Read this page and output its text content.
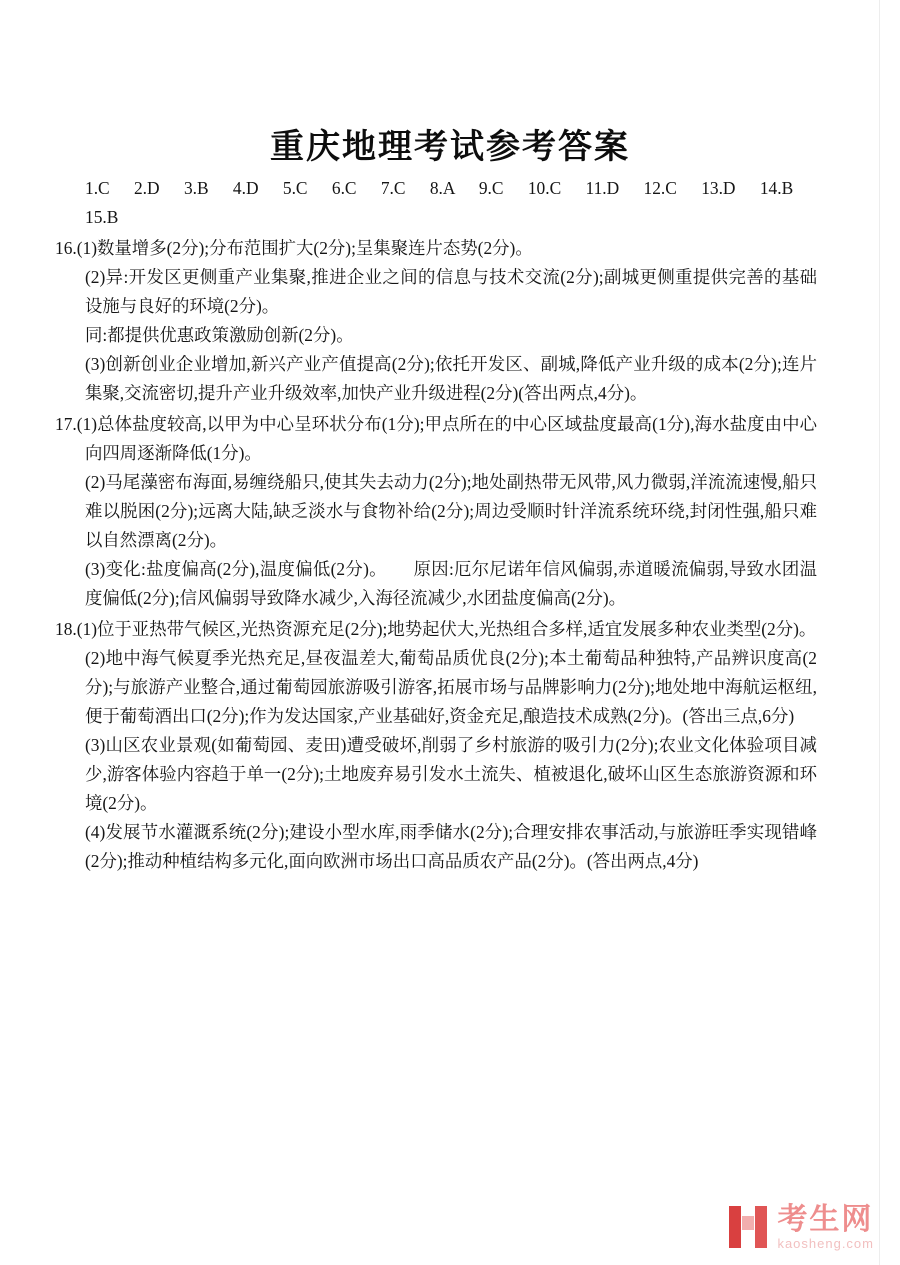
重庆地理考试参考答案

1.C 2.D 3.B 4.D 5.C 6.C 7.C 8.A 9.C 10.C 11.D 12.C 13.D 14.B

15.B

16.(1)数量增多(2分);分布范围扩大(2分);呈集聚连片态势(2分)。

(2)异:开发区更侧重产业集聚,推进企业之间的信息与技术交流(2分);副城更侧重提供完善的基础设施与良好的环境(2分)。

同:都提供优惠政策激励创新(2分)。

(3)创新创业企业增加,新兴产业产值提高(2分);依托开发区、副城,降低产业升级的成本(2分);连片集聚,交流密切,提升产业升级效率,加快产业升级进程(2分)(答出两点,4分)。

17.(1)总体盐度较高,以甲为中心呈环状分布(1分);甲点所在的中心区域盐度最高(1分),海水盐度由中心向四周逐渐降低(1分)。

(2)马尾藻密布海面,易缠绕船只,使其失去动力(2分);地处副热带无风带,风力微弱,洋流流速慢,船只难以脱困(2分);远离大陆,缺乏淡水与食物补给(2分);周边受顺时针洋流系统环绕,封闭性强,船只难以自然漂离(2分)。

(3)变化:盐度偏高(2分),温度偏低(2分)。　　原因:厄尔尼诺年信风偏弱,赤道暖流偏弱,导致水团温度偏低(2分);信风偏弱导致降水减少,入海径流减少,水团盐度偏高(2分)。

18.(1)位于亚热带气候区,光热资源充足(2分);地势起伏大,光热组合多样,适宜发展多种农业类型(2分)。

(2)地中海气候夏季光热充足,昼夜温差大,葡萄品质优良(2分);本土葡萄品种独特,产品辨识度高(2分);与旅游产业整合,通过葡萄园旅游吸引游客,拓展市场与品牌影响力(2分);地处地中海航运枢纽,便于葡萄酒出口(2分);作为发达国家,产业基础好,资金充足,酿造技术成熟(2分)。(答出三点,6分)

(3)山区农业景观(如葡萄园、麦田)遭受破坏,削弱了乡村旅游的吸引力(2分);农业文化体验项目减少,游客体验内容趋于单一(2分);土地废弃易引发水土流失、植被退化,破坏山区生态旅游资源和环境(2分)。

(4)发展节水灌溉系统(2分);建设小型水库,雨季储水(2分);合理安排农事活动,与旅游旺季实现错峰(2分);推动种植结构多元化,面向欧洲市场出口高品质农产品(2分)。(答出两点,4分)

考生网
kaosheng.com
